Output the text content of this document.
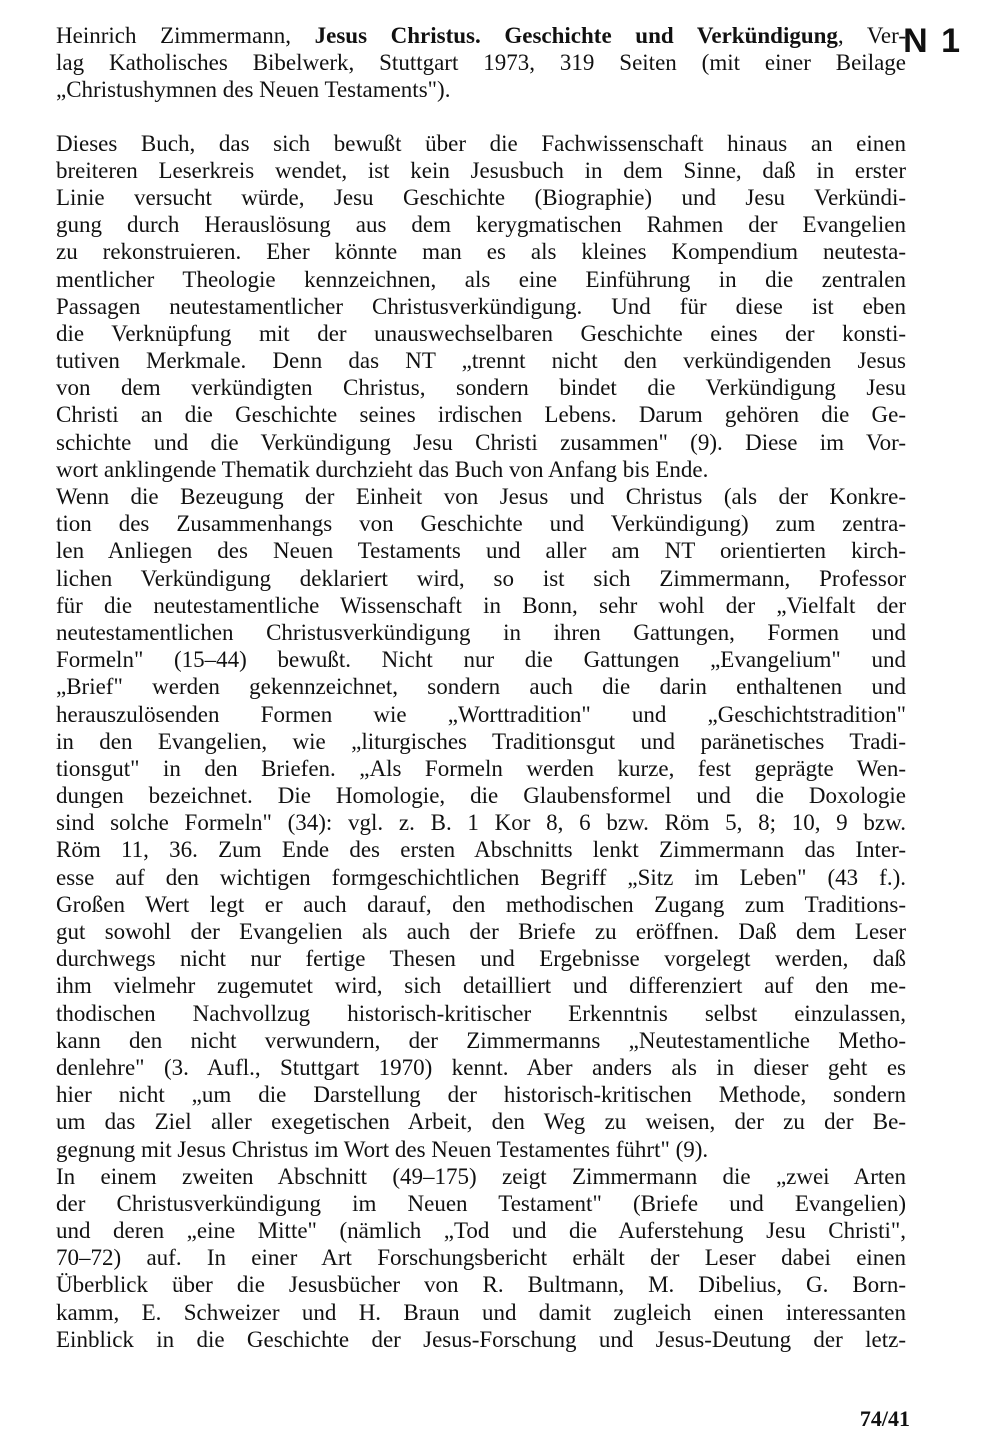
N 1
Heinrich Zimmermann, Jesus Christus. Geschichte und Verkündigung, Ver-
lag Katholisches Bibelwerk, Stuttgart 1973, 319 Seiten (mit einer Beilage
„Christushymnen des Neuen Testaments").
Dieses Buch, das sich bewußt über die Fachwissenschaft hinaus an einen
breiteren Leserkreis wendet, ist kein Jesusbuch in dem Sinne, daß in erster
Linie versucht würde, Jesu Geschichte (Biographie) und Jesu Verkündi-
gung durch Herauslösung aus dem kerygmatischen Rahmen der Evangelien
zu rekonstruieren. Eher könnte man es als kleines Kompendium neutesta-
mentlicher Theologie kennzeichnen, als eine Einführung in die zentralen
Passagen neutestamentlicher Christusverkündigung. Und für diese ist eben
die Verknüpfung mit der unauswechselbaren Geschichte eines der konsti-
tutiven Merkmale. Denn das NT „trennt nicht den verkündigenden Jesus
von dem verkündigten Christus, sondern bindet die Verkündigung Jesu
Christi an die Geschichte seines irdischen Lebens. Darum gehören die Ge-
schichte und die Verkündigung Jesu Christi zusammen" (9). Diese im Vor-
wort anklingende Thematik durchzieht das Buch von Anfang bis Ende.
Wenn die Bezeugung der Einheit von Jesus und Christus (als der Konkre-
tion des Zusammenhangs von Geschichte und Verkündigung) zum zentra-
len Anliegen des Neuen Testaments und aller am NT orientierten kirch-
lichen Verkündigung deklariert wird, so ist sich Zimmermann, Professor
für die neutestamentliche Wissenschaft in Bonn, sehr wohl der „Vielfalt der
neutestamentlichen Christusverkündigung in ihren Gattungen, Formen und
Formeln" (15–44) bewußt. Nicht nur die Gattungen „Evangelium" und
„Brief" werden gekennzeichnet, sondern auch die darin enthaltenen und
herauszulösenden Formen wie „Worttradition" und „Geschichtstradition"
in den Evangelien, wie „liturgisches Traditionsgut und paränetisches Tradi-
tionsgut" in den Briefen. „Als Formeln werden kurze, fest geprägte Wen-
dungen bezeichnet. Die Homologie, die Glaubensformel und die Doxologie
sind solche Formeln" (34): vgl. z. B. 1 Kor 8, 6 bzw. Röm 5, 8; 10, 9 bzw.
Röm 11, 36. Zum Ende des ersten Abschnitts lenkt Zimmermann das Inter-
esse auf den wichtigen formgeschichtlichen Begriff „Sitz im Leben" (43 f.).
Großen Wert legt er auch darauf, den methodischen Zugang zum Traditions-
gut sowohl der Evangelien als auch der Briefe zu eröffnen. Daß dem Leser
durchwegs nicht nur fertige Thesen und Ergebnisse vorgelegt werden, daß
ihm vielmehr zugemutet wird, sich detailliert und differenziert auf den me-
thodischen Nachvollzug historisch-kritischer Erkenntnis selbst einzulassen,
kann den nicht verwundern, der Zimmermanns „Neutestamentliche Metho-
denlehre" (3. Aufl., Stuttgart 1970) kennt. Aber anders als in dieser geht es
hier nicht „um die Darstellung der historisch-kritischen Methode, sondern
um das Ziel aller exegetischen Arbeit, den Weg zu weisen, der zu der Be-
gegnung mit Jesus Christus im Wort des Neuen Testamentes führt" (9).
In einem zweiten Abschnitt (49–175) zeigt Zimmermann die „zwei Arten
der Christusverkündigung im Neuen Testament" (Briefe und Evangelien)
und deren „eine Mitte" (nämlich „Tod und die Auferstehung Jesu Christi",
70–72) auf. In einer Art Forschungsbericht erhält der Leser dabei einen
Überblick über die Jesusbücher von R. Bultmann, M. Dibelius, G. Born-
kamm, E. Schweizer und H. Braun und damit zugleich einen interessanten
Einblick in die Geschichte der Jesus-Forschung und Jesus-Deutung der letz-
74/41
